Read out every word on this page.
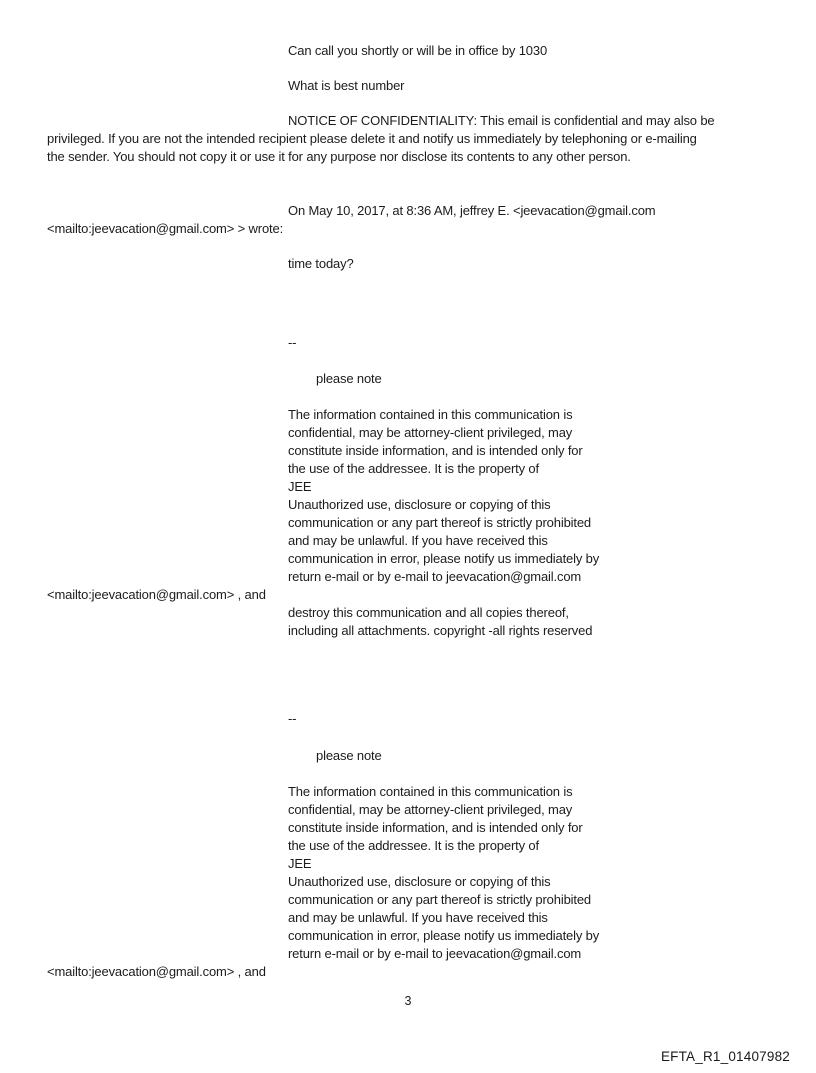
Can call you shortly or will be in office by 1030
What is best number
NOTICE OF CONFIDENTIALITY: This email is confidential and may also be
privileged. If you are not the intended recipient please delete it and notify us immediately by telephoning or e-mailing
the sender. You should not copy it or use it for any purpose nor disclose its contents to any other person.
On May 10, 2017, at 8:36 AM, jeffrey E. <jeevacation@gmail.com
<mailto:jeevacation@gmail.com> > wrote:
time today?
--
please note
The information contained in this communication is
confidential, may be attorney-client privileged, may
constitute inside information, and is intended only for
the use of the addressee. It is the property of
JEE
Unauthorized use, disclosure or copying of this
communication or any part thereof is strictly prohibited
and may be unlawful. If you have received this
communication in error, please notify us immediately by
return e-mail or by e-mail to jeevacation@gmail.com
<mailto:jeevacation@gmail.com> , and
destroy this communication and all copies thereof,
including all attachments. copyright -all rights reserved
--
please note
The information contained in this communication is
confidential, may be attorney-client privileged, may
constitute inside information, and is intended only for
the use of the addressee. It is the property of
JEE
Unauthorized use, disclosure or copying of this
communication or any part thereof is strictly prohibited
and may be unlawful. If you have received this
communication in error, please notify us immediately by
return e-mail or by e-mail to jeevacation@gmail.com
<mailto:jeevacation@gmail.com> , and
3
EFTA_R1_01407982
